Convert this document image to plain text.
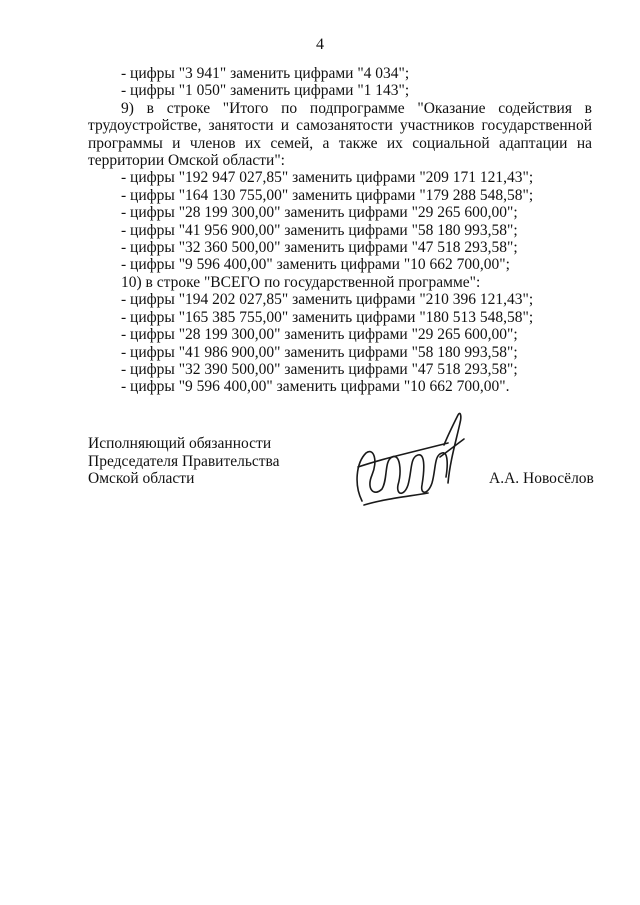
4
- цифры "3 941" заменить цифрами "4 034";
- цифры "1 050" заменить цифрами "1 143";
9) в строке "Итого по подпрограмме "Оказание содействия в трудоустройстве, занятости и самозанятости участников государственной программы и членов их семей, а также их социальной адаптации на территории Омской области":
- цифры "192 947 027,85" заменить цифрами "209 171 121,43";
- цифры "164 130 755,00" заменить цифрами "179 288 548,58";
- цифры "28 199 300,00" заменить цифрами "29 265 600,00";
- цифры "41 956 900,00" заменить цифрами "58 180 993,58";
- цифры "32 360 500,00" заменить цифрами "47 518 293,58";
- цифры "9 596 400,00" заменить цифрами "10 662 700,00";
10) в строке "ВСЕГО по государственной программе":
- цифры "194 202 027,85" заменить цифрами "210 396 121,43";
- цифры "165 385 755,00" заменить цифрами "180 513 548,58";
- цифры "28 199 300,00" заменить цифрами "29 265 600,00";
- цифры "41 986 900,00" заменить цифрами "58 180 993,58";
- цифры "32 390 500,00" заменить цифрами "47 518 293,58";
- цифры "9 596 400,00" заменить цифрами "10 662 700,00".
Исполняющий обязанности
Председателя Правительства
Омской области	А.А. Новосёлов
